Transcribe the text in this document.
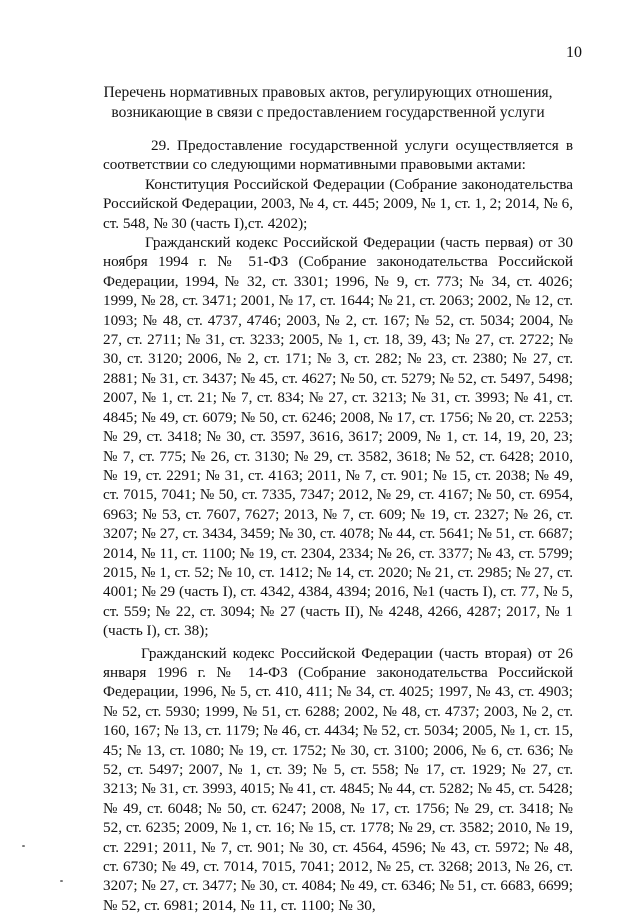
10
Перечень нормативных правовых актов, регулирующих отношения,
возникающие в связи с предоставлением государственной услуги

29. Предоставление государственной услуги осуществляется в соответствии со следующими нормативными правовыми актами:

Конституция Российской Федерации (Собрание законодательства Российской Федерации, 2003, № 4, ст. 445; 2009, № 1, ст. 1, 2; 2014, № 6, ст. 548, № 30 (часть I),ст. 4202);

Гражданский кодекс Российской Федерации (часть первая) от 30 ноября 1994 г. № 51-ФЗ (Собрание законодательства Российской Федерации, 1994, № 32, ст. 3301; 1996, № 9, ст. 773; № 34, ст. 4026; 1999, № 28, ст. 3471; 2001, № 17, ст. 1644; № 21, ст. 2063; 2002, № 12, ст. 1093; № 48, ст. 4737, 4746; 2003, № 2, ст. 167; № 52, ст. 5034; 2004, № 27, ст. 2711; № 31, ст. 3233; 2005, № 1, ст. 18, 39, 43; № 27, ст. 2722; № 30, ст. 3120; 2006, № 2, ст. 171; № 3, ст. 282; № 23, ст. 2380; № 27, ст. 2881; № 31, ст. 3437; № 45, ст. 4627; № 50, ст. 5279; № 52, ст. 5497, 5498; 2007, № 1, ст. 21; № 7, ст. 834; № 27, ст. 3213; № 31, ст. 3993; № 41, ст. 4845; № 49, ст. 6079; № 50, ст. 6246; 2008, № 17, ст. 1756; № 20, ст. 2253; № 29, ст. 3418; № 30, ст. 3597, 3616, 3617; 2009, № 1, ст. 14, 19, 20, 23; № 7, ст. 775; № 26, ст. 3130; № 29, ст. 3582, 3618; № 52, ст. 6428; 2010, № 19, ст. 2291; № 31, ст. 4163; 2011, № 7, ст. 901; № 15, ст. 2038; № 49, ст. 7015, 7041; № 50, ст. 7335, 7347; 2012, № 29, ст. 4167; № 50, ст. 6954, 6963; № 53, ст. 7607, 7627; 2013, № 7, ст. 609; № 19, ст. 2327; № 26, ст. 3207; № 27, ст. 3434, 3459; № 30, ст. 4078; № 44, ст. 5641; № 51, ст. 6687; 2014, № 11, ст. 1100; № 19, ст. 2304, 2334; № 26, ст. 3377; № 43, ст. 5799; 2015, № 1, ст. 52; № 10, ст. 1412; № 14, ст. 2020; № 21, ст. 2985; № 27, ст. 4001; № 29 (часть I), ст. 4342, 4384, 4394; 2016, №1 (часть I), ст. 77, № 5, ст. 559; № 22, ст. 3094; № 27 (часть II), № 4248, 4266, 4287; 2017, № 1 (часть I), ст. 38);

Гражданский кодекс Российской Федерации (часть вторая) от 26 января 1996 г. № 14-ФЗ (Собрание законодательства Российской Федерации, 1996, № 5, ст. 410, 411; № 34, ст. 4025; 1997, № 43, ст. 4903; № 52, ст. 5930; 1999, № 51, ст. 6288; 2002, № 48, ст. 4737; 2003, № 2, ст. 160, 167; № 13, ст. 1179; № 46, ст. 4434; № 52, ст. 5034; 2005, № 1, ст. 15, 45; № 13, ст. 1080; № 19, ст. 1752; № 30, ст. 3100; 2006, № 6, ст. 636; № 52, ст. 5497; 2007, № 1, ст. 39; № 5, ст. 558; № 17, ст. 1929; № 27, ст. 3213; № 31, ст. 3993, 4015; № 41, ст. 4845; № 44, ст. 5282; № 45, ст. 5428; № 49, ст. 6048; № 50, ст. 6247; 2008, № 17, ст. 1756; № 29, ст. 3418; № 52, ст. 6235; 2009, № 1, ст. 16; № 15, ст. 1778; № 29, ст. 3582; 2010, № 19, ст. 2291; 2011, № 7, ст. 901; № 30, ст. 4564, 4596; № 43, ст. 5972; № 48, ст. 6730; № 49, ст. 7014, 7015, 7041; 2012, № 25, ст. 3268; 2013, № 26, ст. 3207; № 27, ст. 3477; № 30, ст. 4084; № 49, ст. 6346; № 51, ст. 6683, 6699; № 52, ст. 6981; 2014, № 11, ст. 1100; № 30,
